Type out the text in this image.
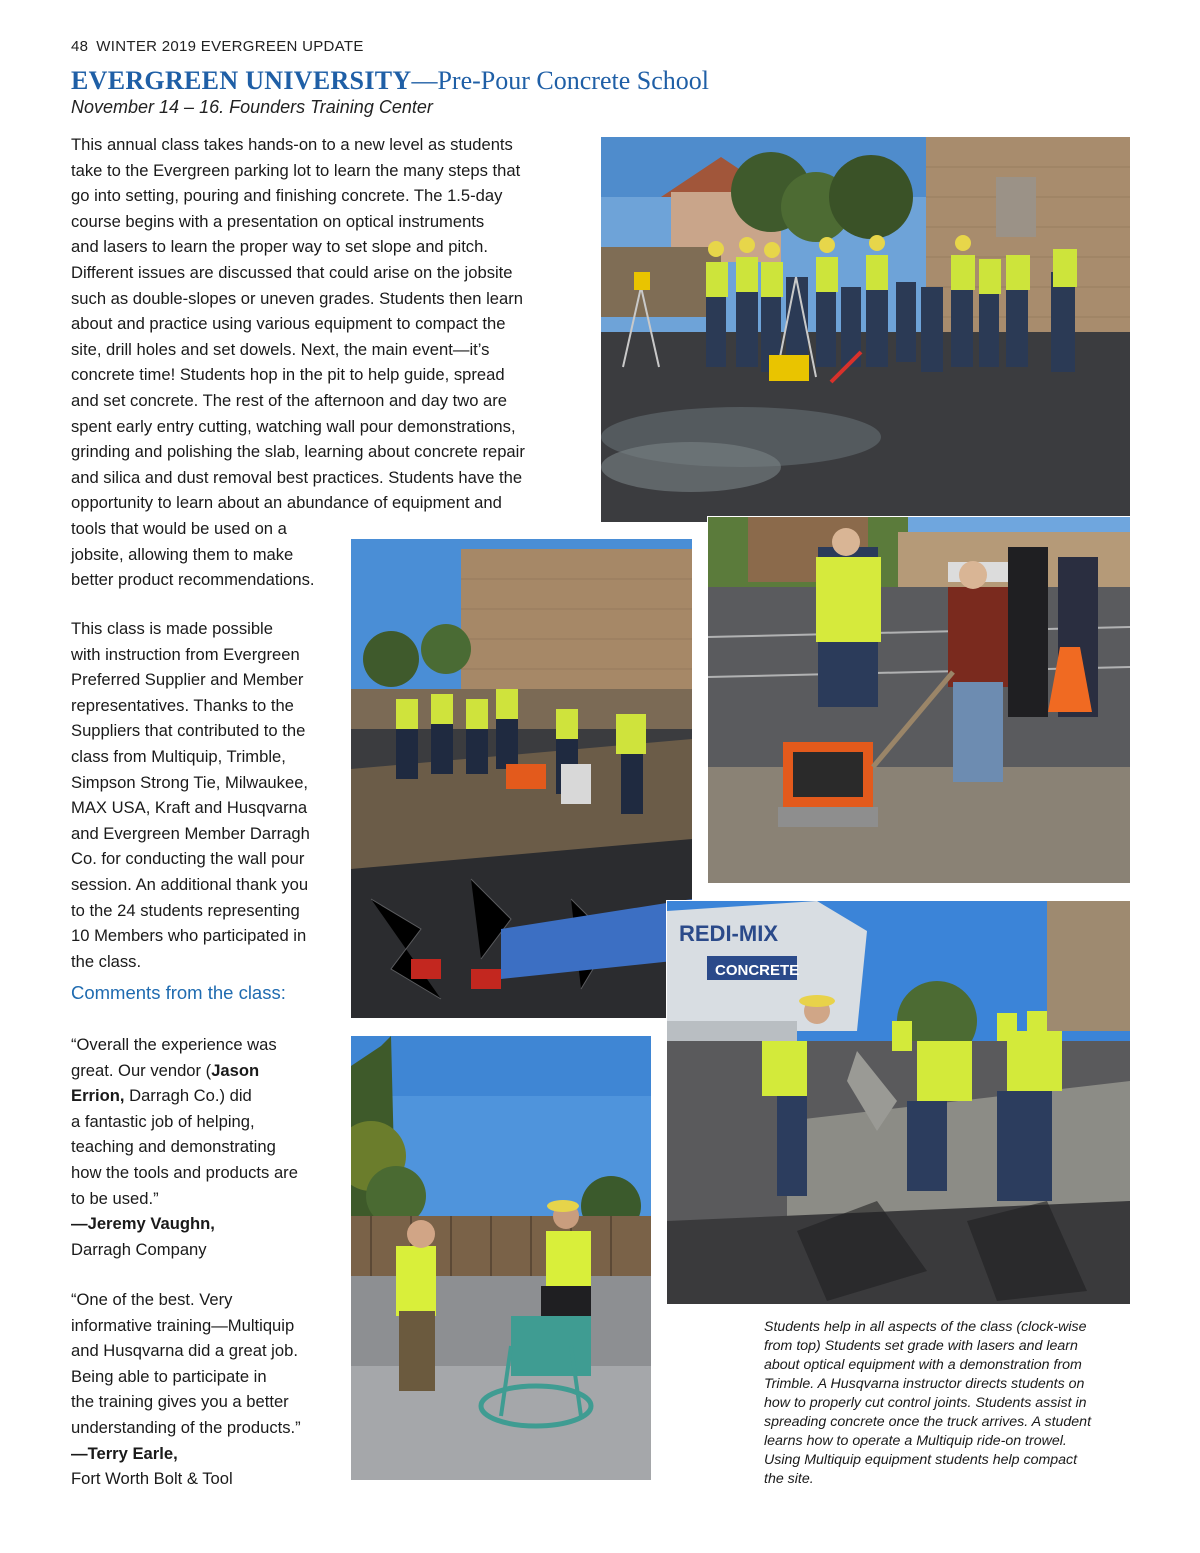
48 WINTER 2019 EVERGREEN UPDATE
EVERGREEN UNIVERSITY—Pre-Pour Concrete School
November 14 – 16. Founders Training Center
This annual class takes hands-on to a new level as students
take to the Evergreen parking lot to learn the many steps that
go into setting, pouring and finishing concrete. The 1.5-day
course begins with a presentation on optical instruments
and lasers to learn the proper way to set slope and pitch.
Different issues are discussed that could arise on the jobsite
such as double-slopes or uneven grades. Students then learn
about and practice using various equipment to compact the
site, drill holes and set dowels. Next, the main event—it’s
concrete time! Students hop in the pit to help guide, spread
and set concrete. The rest of the afternoon and day two are
spent early entry cutting, watching wall pour demonstrations,
grinding and polishing the slab, learning about concrete repair
and silica and dust removal best practices. Students have the
opportunity to learn about an abundance of equipment and
tools that would be used on a
jobsite, allowing them to make
better product recommendations.
This class is made possible
with instruction from Evergreen
Preferred Supplier and Member
representatives. Thanks to the
Suppliers that contributed to the
class from Multiquip, Trimble,
Simpson Strong Tie, Milwaukee,
MAX USA, Kraft and Husqvarna
and Evergreen Member Darragh
Co. for conducting the wall pour
session. An additional thank you
to the 24 students representing
10 Members who participated in
the class.
Comments from the class:
“Overall the experience was
great. Our vendor (Jason
Errion, Darragh Co.) did
a fantastic job of helping,
teaching and demonstrating
how the tools and products are
to be used.”
—Jeremy Vaughn,
Darragh Company
“One of the best. Very
informative training—Multiquip
and Husqvarna did a great job.
Being able to participate in
the training gives you a better
understanding of the products.”
—Terry Earle,
Fort Worth Bolt & Tool
Students help in all aspects of the class (clock-wise
from top) Students set grade with lasers and learn
about optical equipment with a demonstration from
Trimble. A Husqvarna instructor directs students on
how to properly cut control joints. Students assist in
spreading concrete once the truck arrives. A student
learns how to operate a Multiquip ride-on trowel.
Using Multiquip equipment students help compact
the site.
REDI-MIX
CONCRETE
